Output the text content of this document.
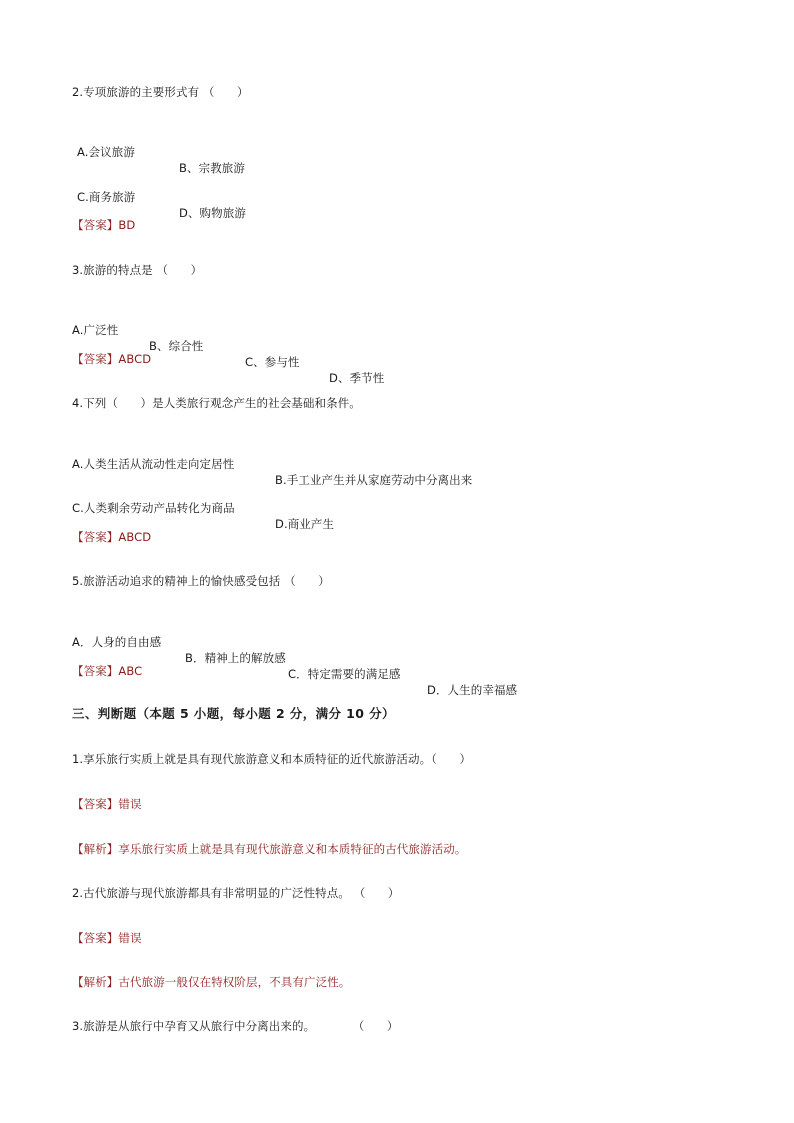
2.专项旅游的主要形式有 （      ）

A.会议旅游

B、宗教旅游

C.商务旅游

D、购物旅游

【答案】BD
3.旅游的特点是 （      ）

A.广泛性

B、综合性

C、参与性

D、季节性

【答案】ABCD
4.下列（      ）是人类旅行观念产生的社会基础和条件。

A.人类生活从流动性走向定居性

B.手工业产生并从家庭劳动中分离出来

C.人类剩余劳动产品转化为商品

D.商业产生

【答案】ABCD
5.旅游活动追求的精神上的愉快感受包括 （      ）

A．人身的自由感

B．精神上的解放感

C．特定需要的满足感

D．人生的幸福感

【答案】ABC
三、判断题（本题 5 小题，每小题 2 分，满分 10 分）
1.享乐旅行实质上就是具有现代旅游意义和本质特征的近代旅游活动。（      ）
【答案】错误
【解析】享乐旅行实质上就是具有现代旅游意义和本质特征的古代旅游活动。
2.古代旅游与现代旅游都具有非常明显的广泛性特点。 （      ）
【答案】错误
【解析】古代旅游一般仅在特权阶层，不具有广泛性。
3.旅游是从旅行中孕育又从旅行中分离出来的。          （      ）
